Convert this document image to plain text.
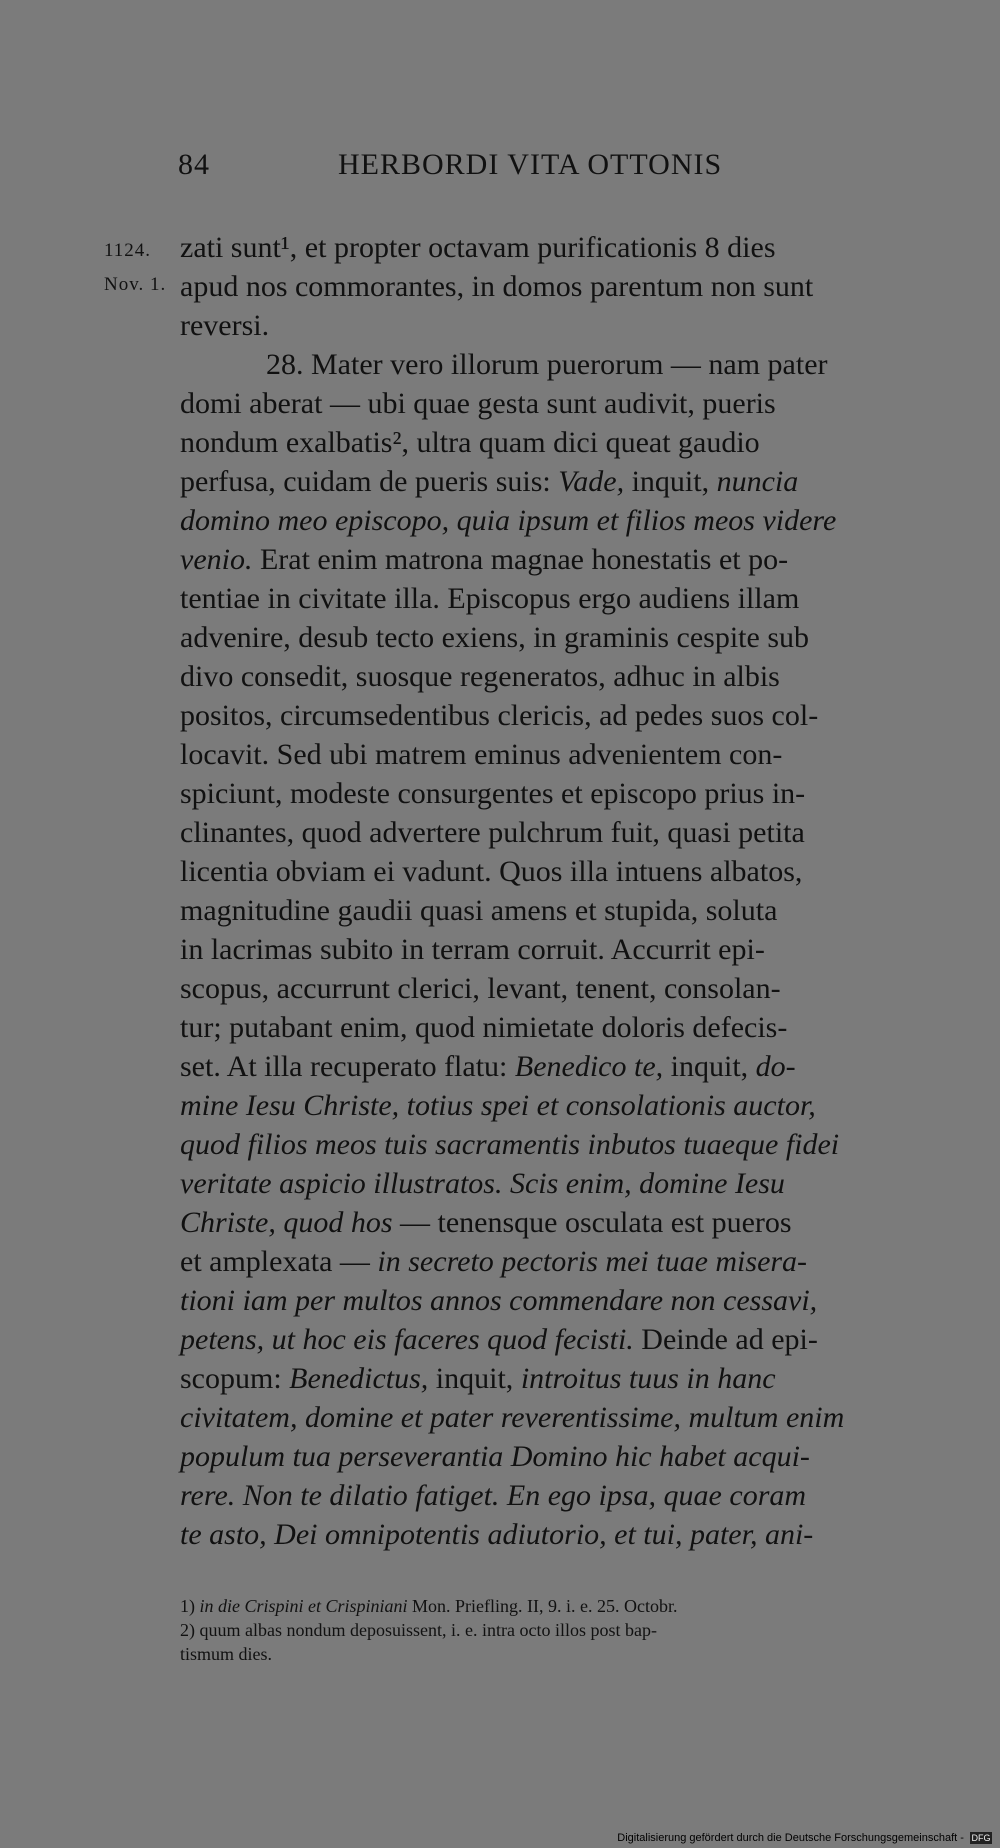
84	HERBORDI VITA OTTONIS
1124.
Nov. 1.
zati sunt¹, et propter octavam purificationis 8 dies
apud nos commorantes, in domos parentum non sunt
reversi.
28. Mater vero illorum puerorum — nam pater
domi aberat — ubi quae gesta sunt audivit, pueris
nondum exalbatis², ultra quam dici queat gaudio
perfusa, cuidam de pueris suis: Vade, inquit, nuncia
domino meo episcopo, quia ipsum et filios meos videre
venio. Erat enim matrona magnae honestatis et po-
tentiae in civitate illa. Episcopus ergo audiens illam
advenire, desub tecto exiens, in graminis cespite sub
divo consedit, suosque regeneratos, adhuc in albis
positos, circumsedentibus clericis, ad pedes suos col-
locavit. Sed ubi matrem eminus advenientem con-
spiciunt, modeste consurgentes et episcopo prius in-
clinantes, quod advertere pulchrum fuit, quasi petita
licentia obviam ei vadunt. Quos illa intuens albatos,
magnitudine gaudii quasi amens et stupida, soluta
in lacrimas subito in terram corruit. Accurrit epi-
scopus, accurrunt clerici, levant, tenent, consolan-
tur; putabant enim, quod nimietate doloris defecis-
set. At illa recuperato flatu: Benedico te, inquit, do-
mine Iesu Christe, totius spei et consolationis auctor,
quod filios meos tuis sacramentis inbutos tuaeque fidei
veritate aspicio illustratos. Scis enim, domine Iesu
Christe, quod hos — tenensque osculata est pueros
et amplexata — in secreto pectoris mei tuae misera-
tioni iam per multos annos commendare non cessavi,
petens, ut hoc eis faceres quod fecisti. Deinde ad epi-
scopum: Benedictus, inquit, introitus tuus in hanc
civitatem, domine et pater reverentissime, multum enim
populum tua perseverantia Domino hic habet acqui-
rere. Non te dilatio fatiget. En ego ipsa, quae coram
te asto, Dei omnipotentis adiutorio, et tui, pater, ani-
1) in die Crispini et Crispiniani Mon. Priefling. II, 9. i. e. 25. Octobr.
2) quum albas nondum deposuissent, i. e. intra octo illos post bap-
tismum dies.
Digitalisierung gefördert durch die Deutsche Forschungsgemeinschaft - DFG
